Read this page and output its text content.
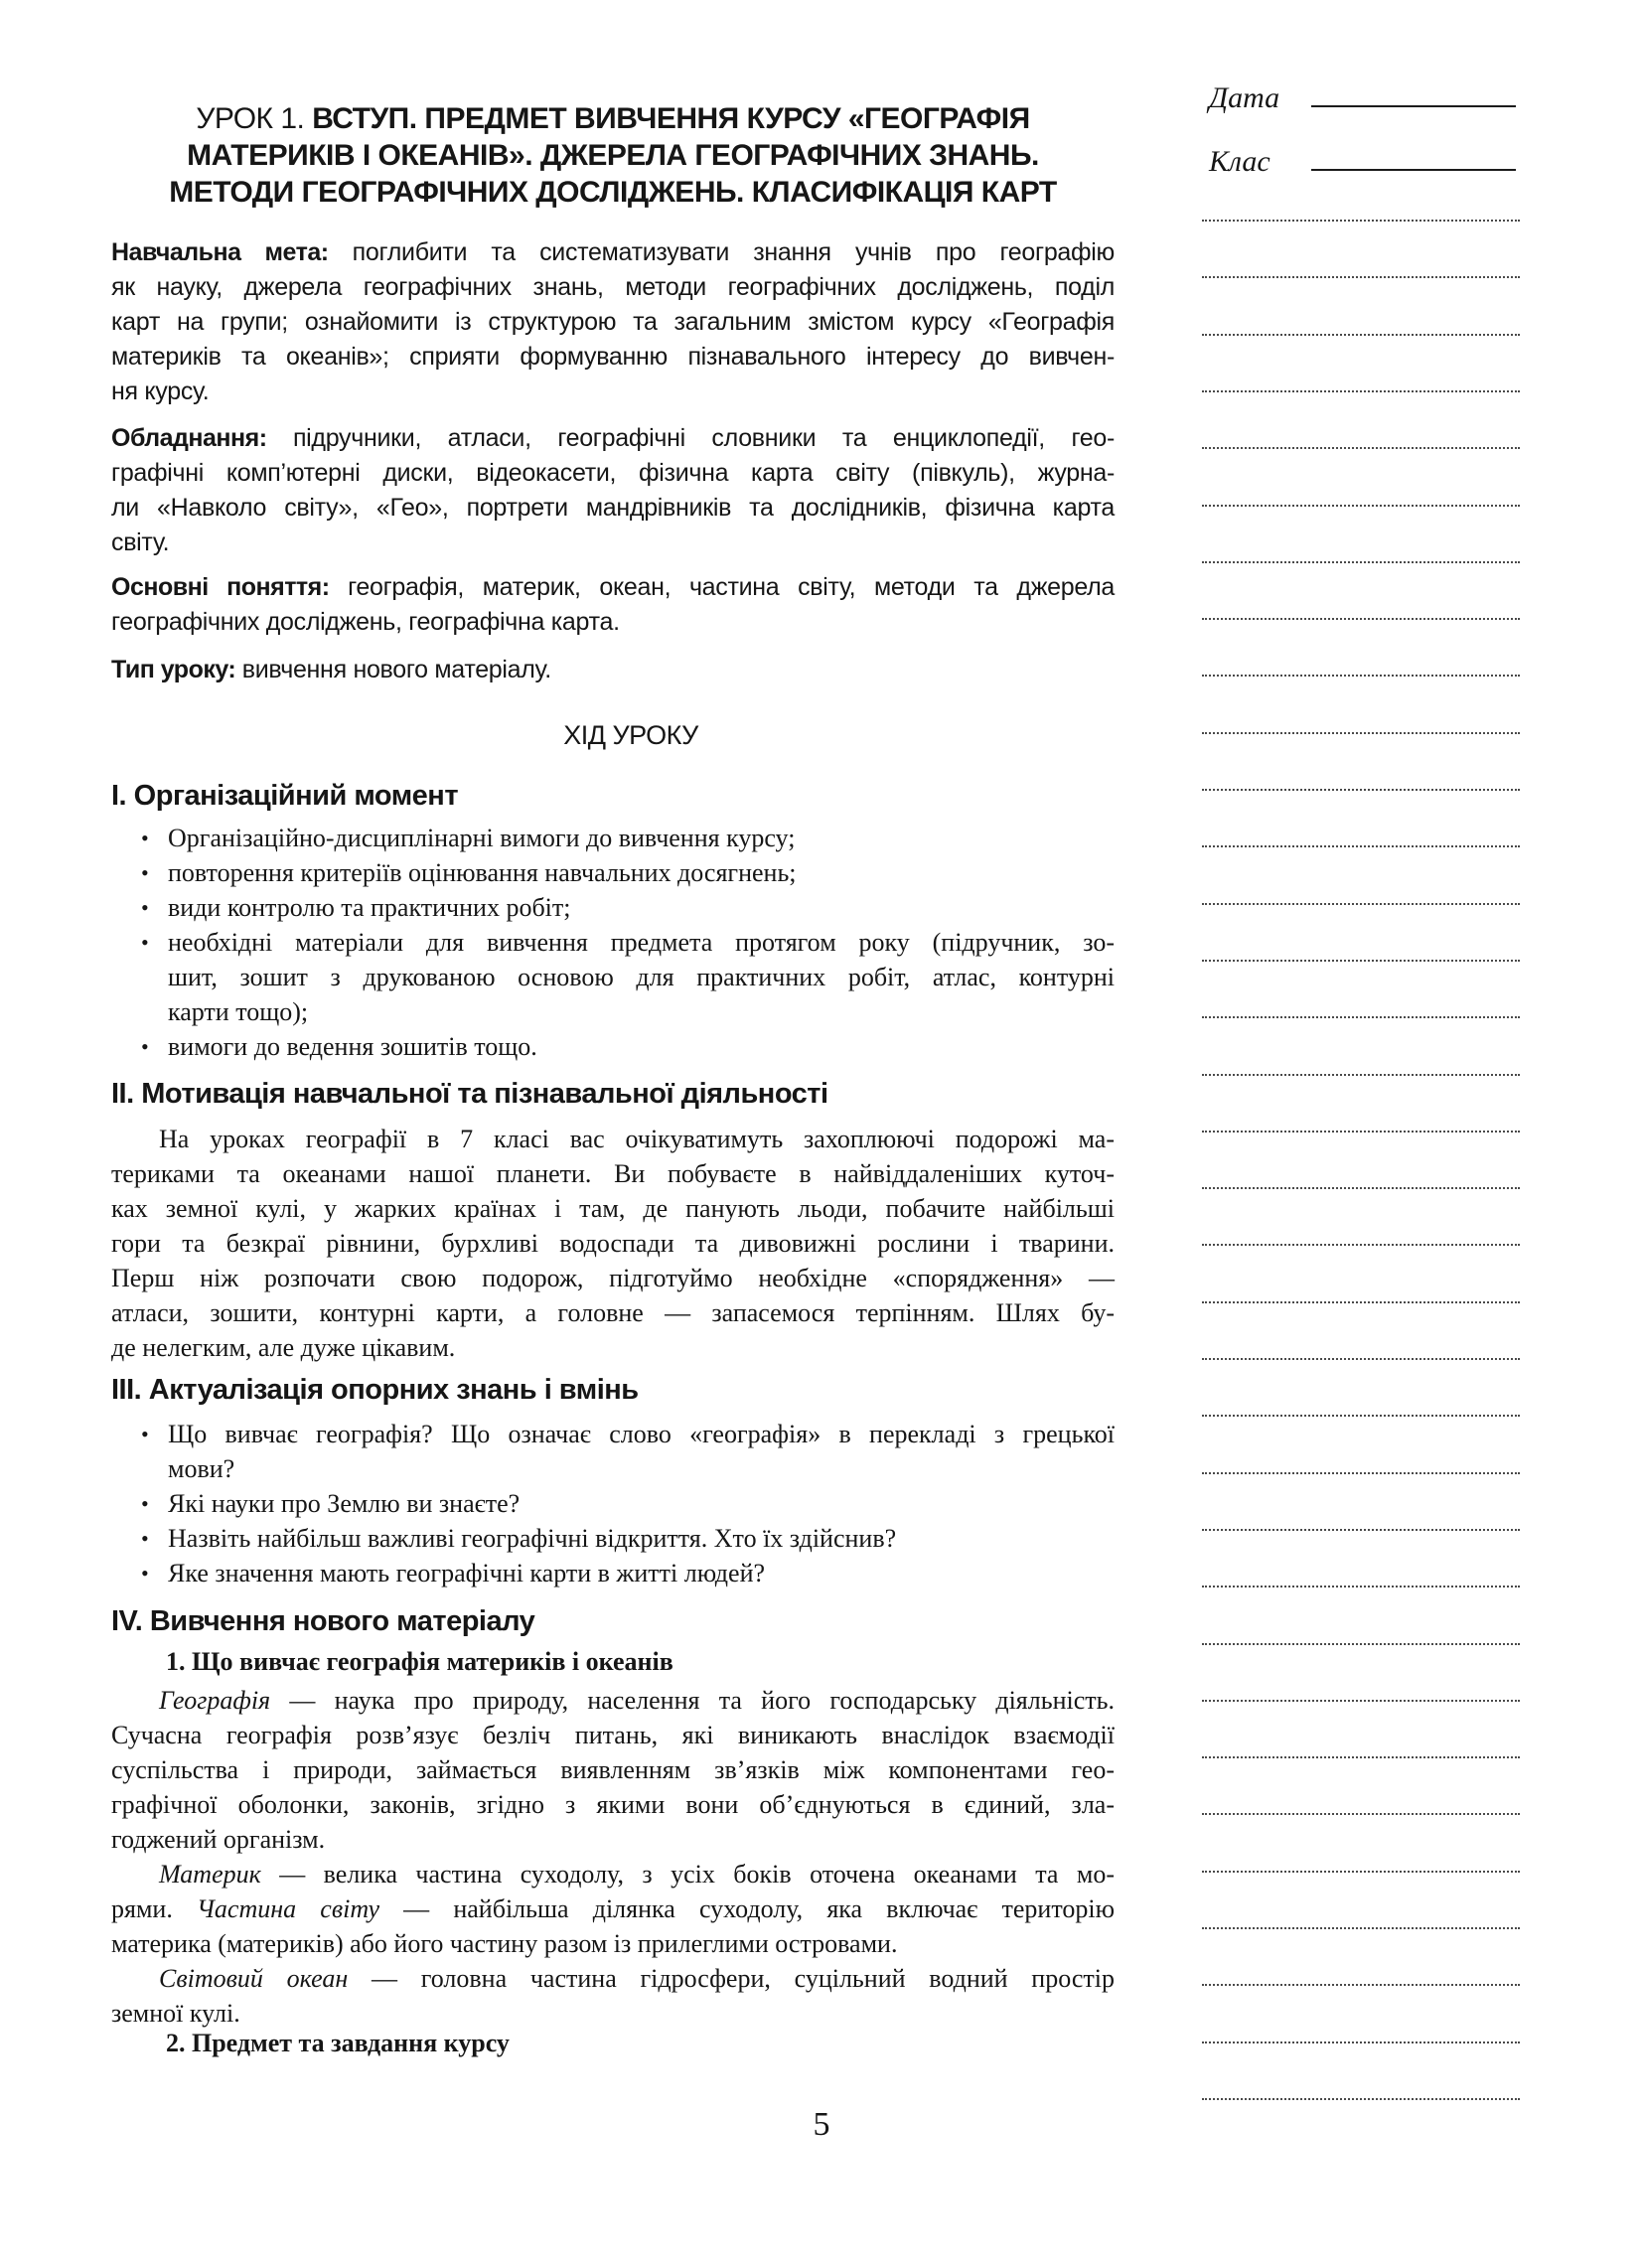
УРОК 1. ВСТУП. ПРЕДМЕТ ВИВЧЕННЯ КУРСУ «ГЕОГРАФІЯ
МАТЕРИКІВ І ОКЕАНІВ». ДЖЕРЕЛА ГЕОГРАФІЧНИХ ЗНАНЬ.
МЕТОДИ ГЕОГРАФІЧНИХ ДОСЛІДЖЕНЬ. КЛАСИФІКАЦІЯ КАРТ
Навчальна мета: поглибити та систематизувати знання учнів про географію
як науку, джерела географічних знань, методи географічних досліджень, поділ
карт на групи; ознайомити із структурою та загальним змістом курсу «Географія
материків та океанів»; сприяти формуванню пізнавального інтересу до вивчен-
ня курсу.
Обладнання: підручники, атласи, географічні словники та енциклопедії, гео-
графічні комп’ютерні диски, відеокасети, фізична карта світу (півкуль), журна-
ли «Навколо світу», «Гео», портрети мандрівників та дослідників, фізична карта
світу.
Основні поняття: географія, материк, океан, частина світу, методи та джерела
географічних досліджень, географічна карта.
Тип уроку: вивчення нового матеріалу.
ХІД УРОКУ
I. Організаційний момент
• Організаційно-дисциплінарні вимоги до вивчення курсу;
• повторення критеріїв оцінювання навчальних досягнень;
• види контролю та практичних робіт;
• необхідні матеріали для вивчення предмета протягом року (підручник, зо-
шит, зошит з друкованою основою для практичних робіт, атлас, контурні
карти тощо);
• вимоги до ведення зошитів тощо.
II. Мотивація навчальної та пізнавальної діяльності
На уроках географії в 7 класі вас очікуватимуть захоплюючі подорожі ма-
териками та океанами нашої планети. Ви побуваєте в найвіддаленіших куточ-
ках земної кулі, у жарких країнах і там, де панують льоди, побачите найбільші
гори та безкраї рівнини, бурхливі водоспади та дивовижні рослини і тварини.
Перш ніж розпочати свою подорож, підготуймо необхідне «спорядження» —
атласи, зошити, контурні карти, а головне — запасемося терпінням. Шлях бу-
де нелегким, але дуже цікавим.
III. Актуалізація опорних знань і вмінь
• Що вивчає географія? Що означає слово «географія» в перекладі з грецької
мови?
• Які науки про Землю ви знаєте?
• Назвіть найбільш важливі географічні відкриття. Хто їх здійснив?
• Яке значення мають географічні карти в житті людей?
IV. Вивчення нового матеріалу
1. Що вивчає географія материків і океанів
Географія — наука про природу, населення та його господарську діяльність.
Сучасна географія розв’язує безліч питань, які виникають внаслідок взаємодії
суспільства і природи, займається виявленням зв’язків між компонентами гео-
графічної оболонки, законів, згідно з якими вони об’єднуються в єдиний, зла-
годжений організм.
Материк — велика частина суходолу, з усіх боків оточена океанами та мо-
рями. Частина світу — найбільша ділянка суходолу, яка включає територію
материка (материків) або його частину разом із прилеглими островами.
Світовий океан — головна частина гідросфери, суцільний водний простір
земної кулі.
2. Предмет та завдання курсу
Дата
Клас
5
